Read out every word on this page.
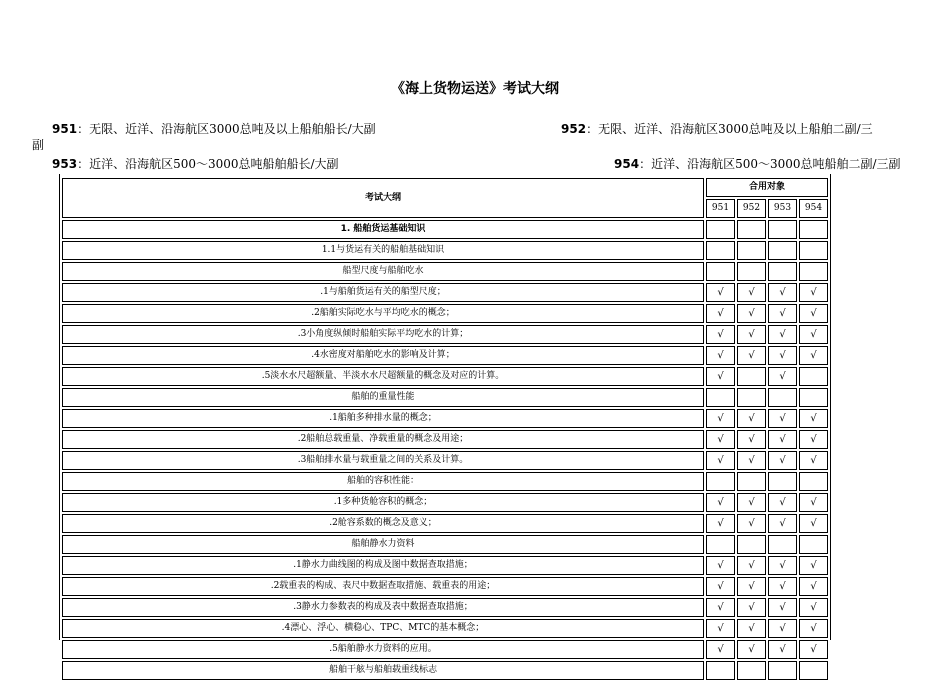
《海上货物运送》考试大纲
951：无限、近洋、沿海航区3000总吨及以上船舶船长/大副	952：无限、近洋、沿海航区3000总吨及以上船舶二副/三
副
953：近洋、沿海航区500～3000总吨船舶船长/大副	954：近洋、沿海航区500～3000总吨船舶二副/三副
考试大纲	合用对象			
	951	952	953	954
1. 船舶货运基础知识				
1.1与货运有关的船舶基础知识				
船型尺度与船舶吃水				
.1与船舶货运有关的船型尺度；	√	√	√	√
.2船舶实际吃水与平均吃水的概念；	√	√	√	√
.3小角度纵倾时船舶实际平均吃水的计算；	√	√	√	√
.4水密度对船舶吃水的影响及计算；	√	√	√	√
.5淡水水尺超额量、半淡水水尺超额量的概念及对应的计算。	√		√	
船舶的重量性能				
.1船舶多种排水量的概念；	√	√	√	√
.2船舶总载重量、净载重量的概念及用途；	√	√	√	√
.3船舶排水量与载重量之间的关系及计算。	√	√	√	√
船舶的容积性能：				
.1多种货舱容积的概念；	√	√	√	√
.2舱容系数的概念及意义；	√	√	√	√
船舶静水力资料				
.1静水力曲线图的构成及图中数据查取措施；	√	√	√	√
.2载重表的构成、表尺中数据查取措施、载重表的用途；	√	√	√	√
.3静水力参数表的构成及表中数据查取措施；	√	√	√	√
.4漂心、浮心、横稳心、TPC、MTC的基本概念；	√	√	√	√
.5船舶静水力资料的应用。	√	√	√	√
船舶干舷与船舶载重线标志				
